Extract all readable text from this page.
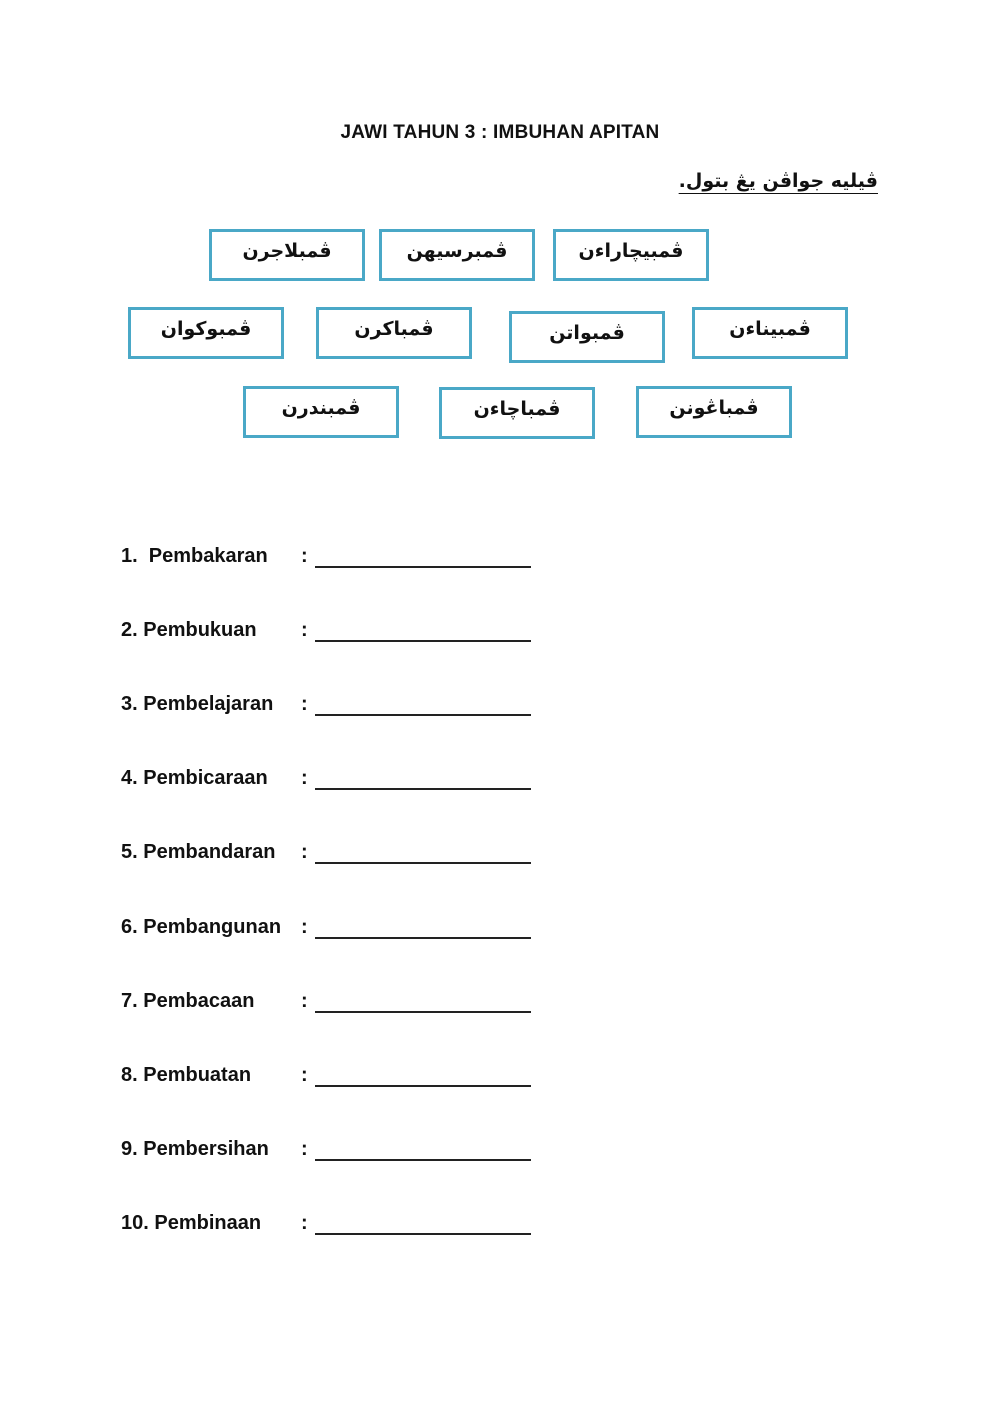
JAWI TAHUN 3 : IMBUHAN APITAN
ڤيليه جواڤن يڠ بتول.
ڤمبلاجرن	ڤمبرسيهن	ڤمبيچاراءن
ڤمبوكوان	ڤمباكرن	ڤمبواتن	ڤمبيناءن
ڤمبندرن	ڤمباچاءن	ڤمباڠونن
1.  Pembakaran :
2. Pembukuan :
3. Pembelajaran :
4. Pembicaraan :
5. Pembandaran :
6. Pembangunan :
7. Pembacaan :
8. Pembuatan :
9. Pembersihan :
10. Pembinaan :
